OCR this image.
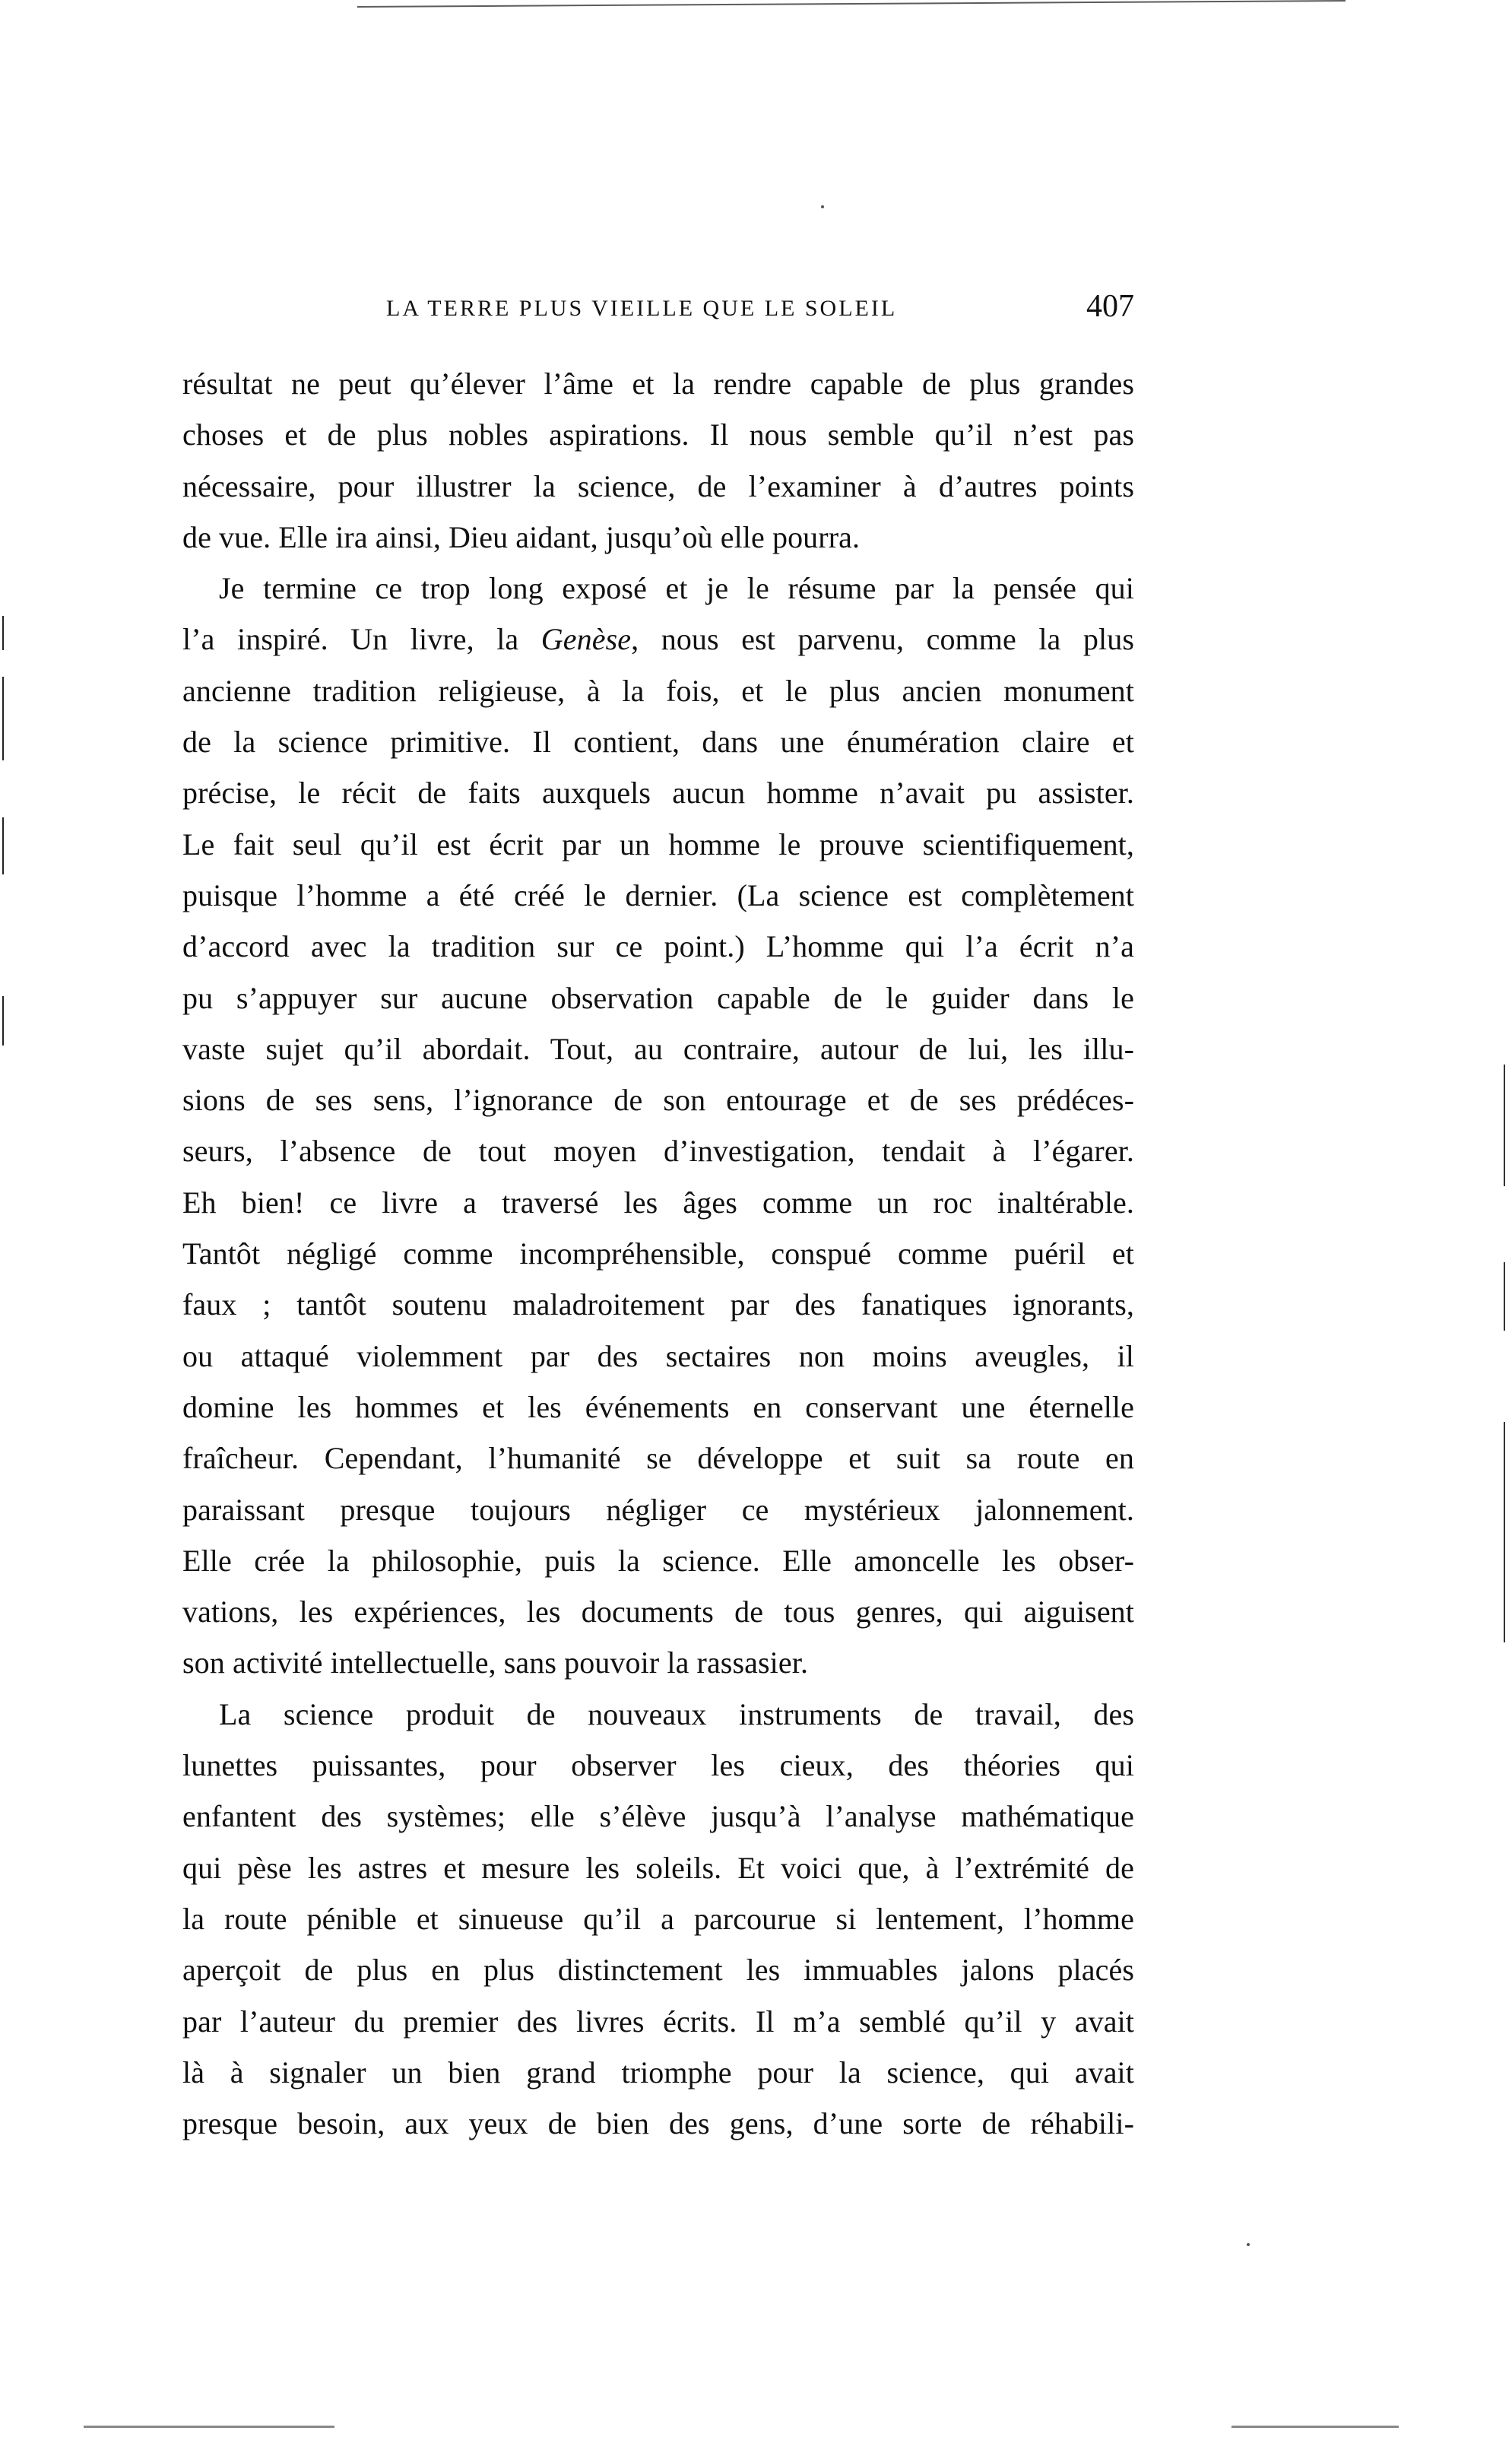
LA TERRE PLUS VIEILLE QUE LE SOLEIL	407
résultat ne peut qu’élever l’âme et la rendre capable de plus grandes
choses et de plus nobles aspirations. Il nous semble qu’il n’est pas
nécessaire, pour illustrer la science, de l’examiner à d’autres points
de vue. Elle ira ainsi, Dieu aidant, jusqu’où elle pourra.
Je termine ce trop long exposé et je le résume par la pensée qui
l’a inspiré. Un livre, la Genèse, nous est parvenu, comme la plus
ancienne tradition religieuse, à la fois, et le plus ancien monument
de la science primitive. Il contient, dans une énumération claire et
précise, le récit de faits auxquels aucun homme n’avait pu assister.
Le fait seul qu’il est écrit par un homme le prouve scientifiquement,
puisque l’homme a été créé le dernier. (La science est complètement
d’accord avec la tradition sur ce point.) L’homme qui l’a écrit n’a
pu s’appuyer sur aucune observation capable de le guider dans le
vaste sujet qu’il abordait. Tout, au contraire, autour de lui, les illu-
sions de ses sens, l’ignorance de son entourage et de ses prédéces-
seurs, l’absence de tout moyen d’investigation, tendait à l’égarer.
Eh bien! ce livre a traversé les âges comme un roc inaltérable.
Tantôt négligé comme incompréhensible, conspué comme puéril et
faux ; tantôt soutenu maladroitement par des fanatiques ignorants,
ou attaqué violemment par des sectaires non moins aveugles, il
domine les hommes et les événements en conservant une éternelle
fraîcheur. Cependant, l’humanité se développe et suit sa route en
paraissant presque toujours négliger ce mystérieux jalonnement.
Elle crée la philosophie, puis la science. Elle amoncelle les obser-
vations, les expériences, les documents de tous genres, qui aiguisent
son activité intellectuelle, sans pouvoir la rassasier.
La science produit de nouveaux instruments de travail, des
lunettes puissantes, pour observer les cieux, des théories qui
enfantent des systèmes; elle s’élève jusqu’à l’analyse mathématique
qui pèse les astres et mesure les soleils. Et voici que, à l’extrémité de
la route pénible et sinueuse qu’il a parcourue si lentement, l’homme
aperçoit de plus en plus distinctement les immuables jalons placés
par l’auteur du premier des livres écrits. Il m’a semblé qu’il y avait
là à signaler un bien grand triomphe pour la science, qui avait
presque besoin, aux yeux de bien des gens, d’une sorte de réhabili-
